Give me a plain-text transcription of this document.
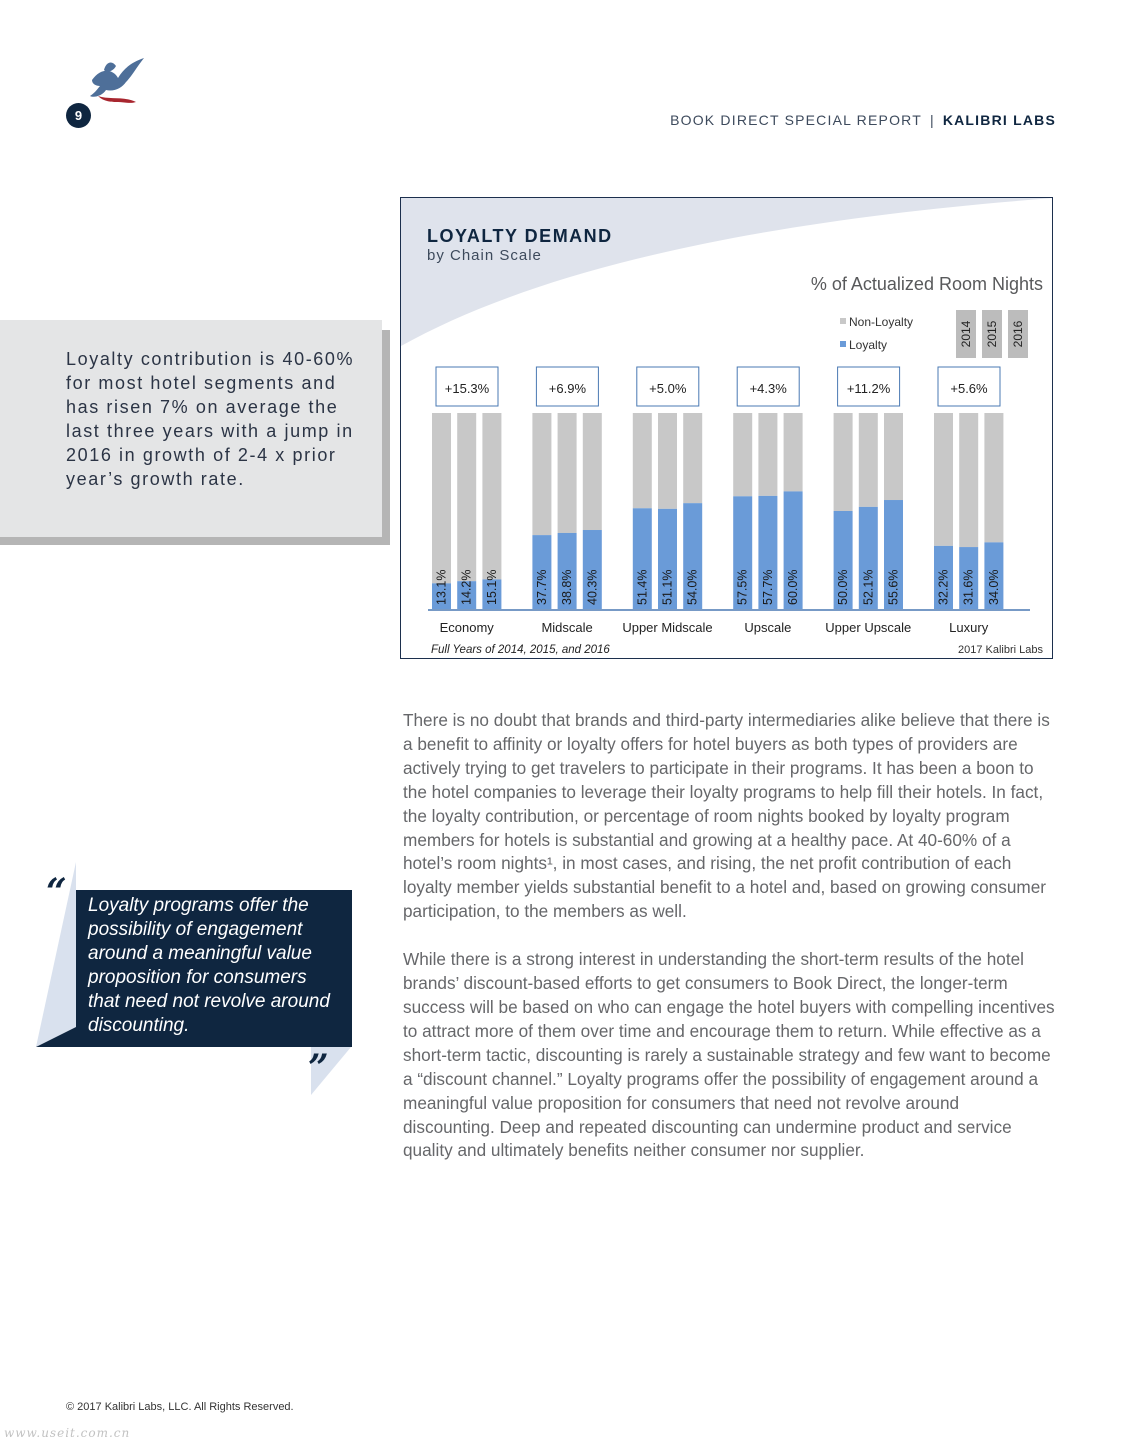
9	BOOK DIRECT SPECIAL REPORT | KALIBRI LABS
Loyalty contribution is 40-60% for most hotel segments and has risen 7% on average the last three years with a jump in 2016 in growth of 2-4 x prior year’s growth rate.
LOYALTY DEMAND
by Chain Scale
% of Actualized Room Nights
Non-Loyalty
Loyalty	2014 2015 2016
+15.3%
13.1% 14.2% 15.1%
Economy
+6.9%
37.7% 38.8% 40.3%
Midscale
+5.0%
51.4% 51.1% 54.0%
Upper Midscale
+4.3%
57.5% 57.7% 60.0%
Upscale
+11.2%
50.0% 52.1% 55.6%
Upper Upscale
+5.6%
32.2% 31.6% 34.0%
Luxury
Full Years of 2014, 2015, and 2016	2017 Kalibri Labs
“
”
Loyalty programs offer the possibility of engagement around a meaningful value proposition for consumers that need not revolve around discounting.

There is no doubt that brands and third-party intermediaries alike believe that there is a benefit to affinity or loyalty offers for hotel buyers as both types of providers are actively trying to get travelers to participate in their programs. It has been a boon to the hotel companies to leverage their loyalty programs to help fill their hotels. In fact, the loyalty contribution, or percentage of room nights booked by loyalty program members for hotels is substantial and growing at a healthy pace. At 40-60% of a hotel’s room nights¹, in most cases, and rising, the net profit contribution of each loyalty member yields substantial benefit to a hotel and, based on growing consumer participation, to the members as well.

While there is a strong interest in understanding the short-term results of the hotel brands’ discount-based efforts to get consumers to Book Direct, the longer-term success will be based on who can engage the hotel buyers with compelling incentives to attract more of them over time and encourage them to return. While effective as a short-term tactic, discounting is rarely a sustainable strategy and few want to become a “discount channel.” Loyalty programs offer the possibility of engagement around a meaningful value proposition for consumers that need not revolve around discounting. Deep and repeated discounting can undermine product and service quality and ultimately benefits neither consumer nor supplier.

© 2017 Kalibri Labs, LLC. All Rights Reserved.
www.useit.com.cn
